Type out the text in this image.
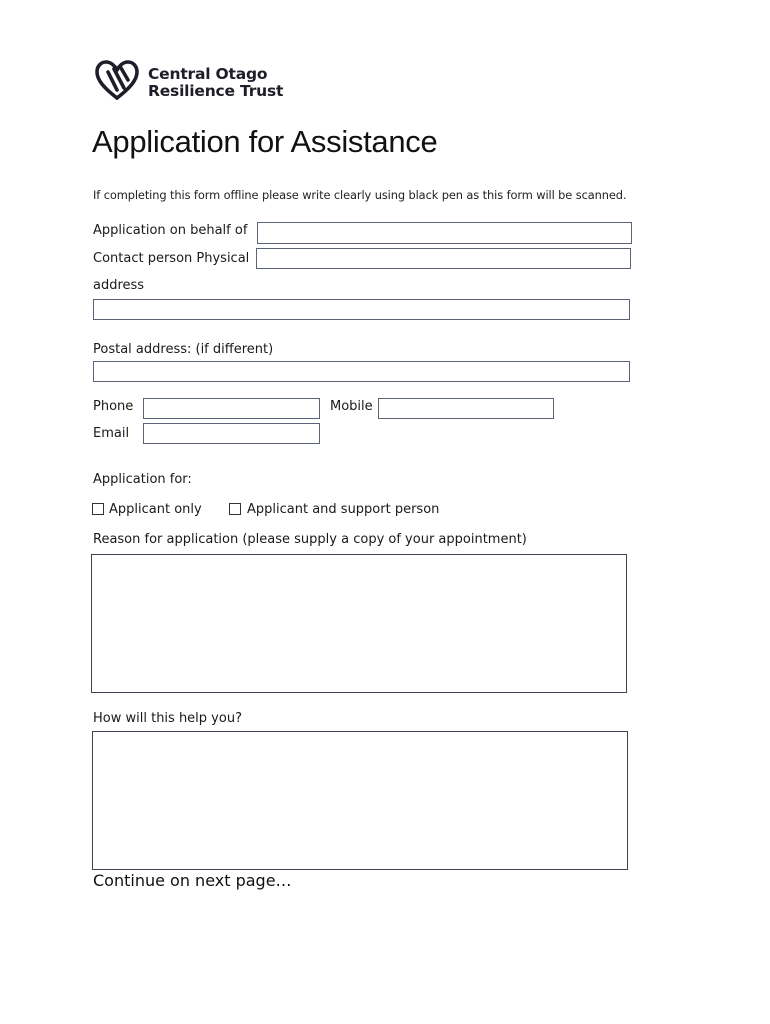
Central Otago
Resilience Trust
Application for Assistance
If completing this form offline please write clearly using black pen as this form will be scanned.
Application on behalf of
Contact person Physical
address
Postal address: (if different)
Phone	Mobile
Email
Application for:
Applicant only	Applicant and support person
Reason for application (please supply a copy of your appointment)
How will this help you?
Continue on next page…
